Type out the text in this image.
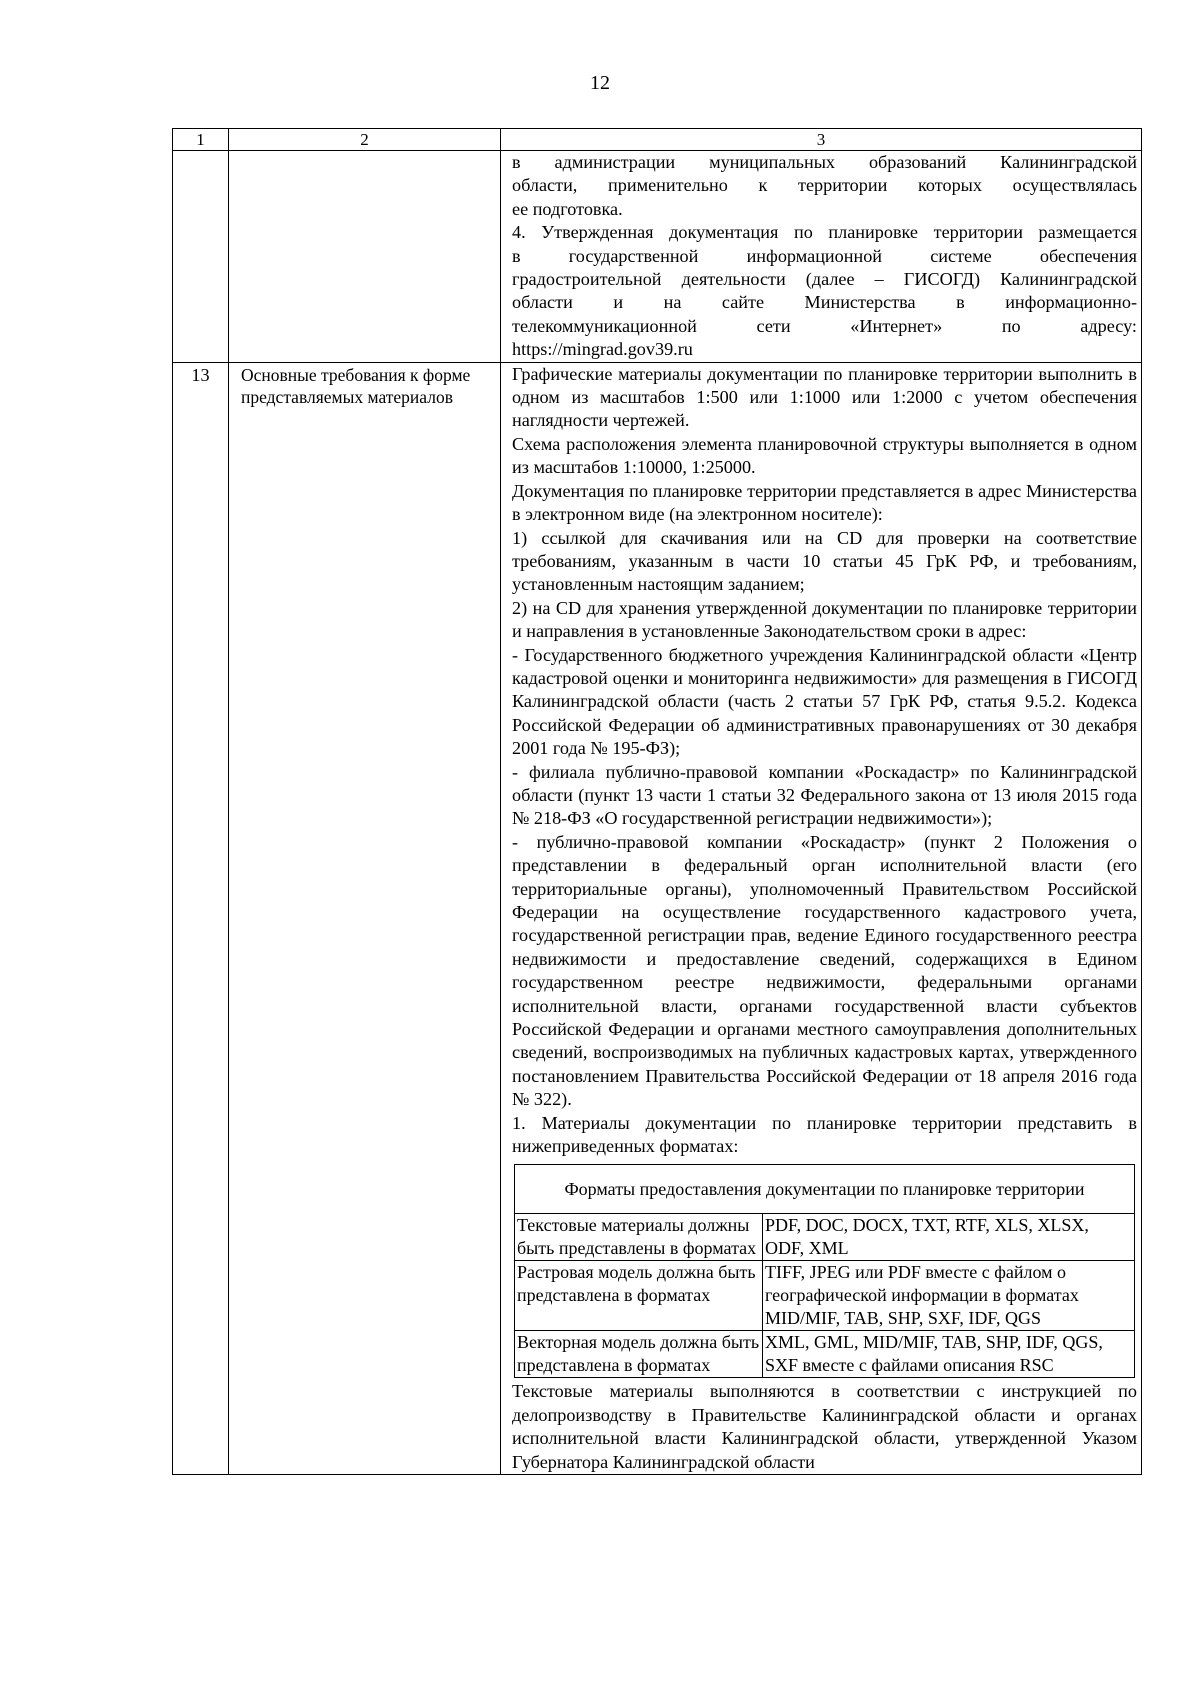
12
1	2	3

в администрации муниципальных образований Калининградской
области, применительно к территории которых осуществлялась
ее подготовка.
4. Утвержденная документация по планировке территории размещается
в государственной информационной системе обеспечения
градостроительной деятельности (далее – ГИСОГД) Калининградской
области и на сайте Министерства в информационно-
телекоммуникационной сети «Интернет» по адресу:
https://mingrad.gov39.ru

13	Основные требования к форме представляемых материалов	
Графические материалы документации по планировке территории выполнить в одном из масштабов 1:500 или 1:1000 или 1:2000 с учетом обеспечения наглядности чертежей.
Схема расположения элемента планировочной структуры выполняется в одном из масштабов 1:10000, 1:25000.
Документация по планировке территории представляется в адрес Министерства в электронном виде (на электронном носителе):
1) ссылкой для скачивания или на CD для проверки на соответствие требованиям, указанным в части 10 статьи 45 ГрК РФ, и требованиям, установленным настоящим заданием;
2) на CD для хранения утвержденной документации по планировке территории и направления в установленные Законодательством сроки в адрес:
- Государственного бюджетного учреждения Калининградской области «Центр кадастровой оценки и мониторинга недвижимости» для размещения в ГИСОГД Калининградской области (часть 2 статьи 57 ГрК РФ, статья 9.5.2. Кодекса Российской Федерации об административных правонарушениях от 30 декабря 2001 года № 195-ФЗ);
- филиала публично-правовой компании «Роскадастр» по Калининградской области (пункт 13 части 1 статьи 32 Федерального закона от 13 июля 2015 года № 218-ФЗ «О государственной регистрации недвижимости»);
- публично-правовой компании «Роскадастр» (пункт 2 Положения о представлении в федеральный орган исполнительной власти (его территориальные органы), уполномоченный Правительством Российской Федерации на осуществление государственного кадастрового учета, государственной регистрации прав, ведение Единого государственного реестра недвижимости и предоставление сведений, содержащихся в Едином государственном реестре недвижимости, федеральными органами исполнительной власти, органами государственной власти субъектов Российской Федерации и органами местного самоуправления дополнительных сведений, воспроизводимых на публичных кадастровых картах, утвержденного постановлением Правительства Российской Федерации от 18 апреля 2016 года № 322).
1. Материалы документации по планировке территории представить в нижеприведенных форматах:
Форматы предоставления документации по планировке территории
Текстовые материалы должны быть представлены в форматах	PDF, DOC, DOCX, TXT, RTF, XLS, XLSX, ODF, XML
Растровая модель должна быть представлена в форматах	TIFF, JPEG или PDF вместе с файлом о географической информации в форматах MID/MIF, TAB, SHP, SXF, IDF, QGS
Векторная модель должна быть представлена в форматах	XML, GML, MID/MIF, TAB, SHP, IDF, QGS, SXF вместе с файлами описания RSC
Текстовые материалы выполняются в соответствии с инструкцией по делопроизводству в Правительстве Калининградской области и органах исполнительной власти Калининградской области, утвержденной Указом Губернатора Калининградской области
